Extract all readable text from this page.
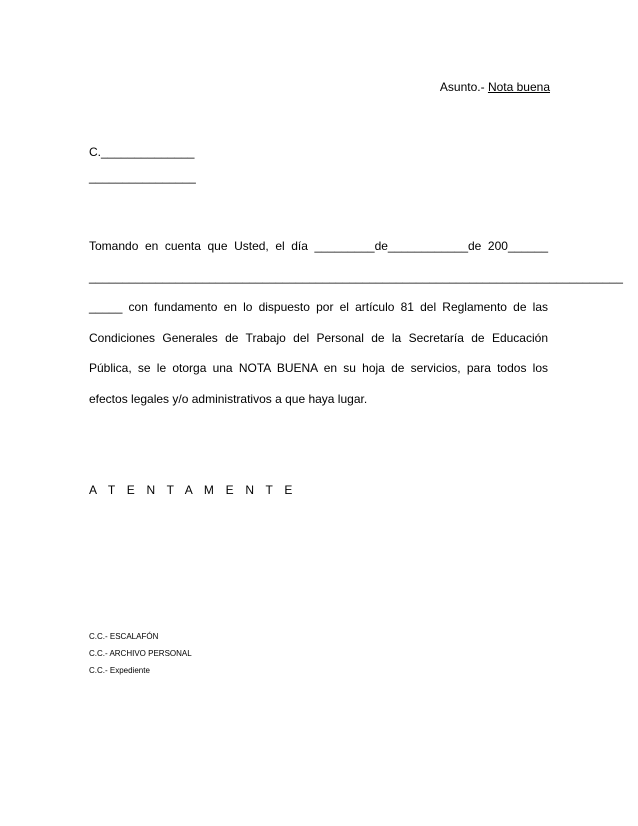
Asunto.- Nota buena
C.______________
________________
Tomando en cuenta que Usted, el día _________de____________de 200______
________________________________________________________________________________
_____ con fundamento en lo dispuesto por el artículo 81 del Reglamento de las
Condiciones Generales de Trabajo del Personal de la Secretaría de Educación
Pública, se le otorga una NOTA BUENA en su hoja de servicios, para todos los
efectos legales y/o administrativos a que haya lugar.
A T E N T A M E N T E
C.C.- ESCALAFÓN
C.C.- ARCHIVO PERSONAL
C.C.- Expediente
